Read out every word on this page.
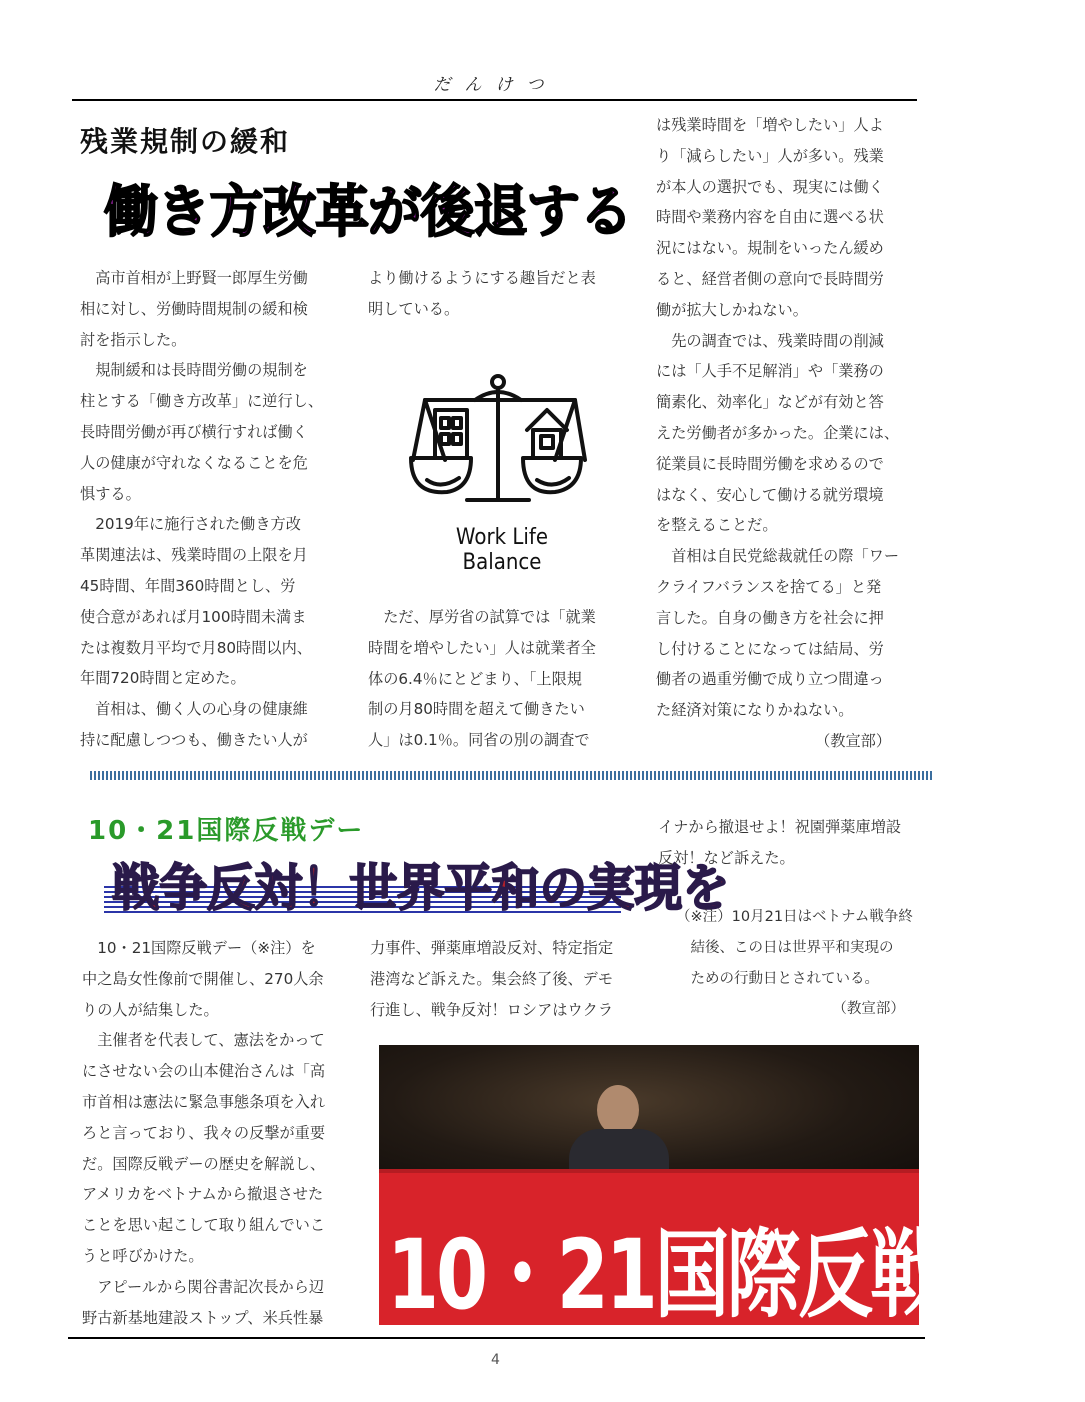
だんけつ
残業規制の緩和
働き方改革が後退する

　高市首相が上野賢一郎厚生労働

相に対し、労働時間規制の緩和検

討を指示した。

　規制緩和は長時間労働の規制を

柱とする「働き方改革」に逆行し、

長時間労働が再び横行すれば働く

人の健康が守れなくなることを危

惧する。

　2019年に施行された働き方改

革関連法は、残業時間の上限を月

45時間、年間360時間とし、労

使合意があれば月100時間未満ま

たは複数月平均で月80時間以内、

年間720時間と定めた。

　首相は、働く人の心身の健康維

持に配慮しつつも、働きたい人が

より働けるようにする趣旨だと表

明している。

Work Life Balance

　ただ、厚労省の試算では「就業

時間を増やしたい」人は就業者全

体の6.4％にとどまり、「上限規

制の月80時間を超えて働きたい

人」は0.1％。同省の別の調査で

は残業時間を「増やしたい」人よ

り「減らしたい」人が多い。残業

が本人の選択でも、現実には働く

時間や業務内容を自由に選べる状

況にはない。規制をいったん緩め

ると、経営者側の意向で長時間労

働が拡大しかねない。

　先の調査では、残業時間の削減

には「人手不足解消」や「業務の

簡素化、効率化」などが有効と答

えた労働者が多かった。企業には、

従業員に長時間労働を求めるので

はなく、安心して働ける就労環境

を整えることだ。

　首相は自民党総裁就任の際「ワー

クライフバランスを捨てる」と発

言した。自身の働き方を社会に押

し付けることになっては結局、労

働者の過重労働で成り立つ間違っ

た経済対策になりかねない。

（教宣部）

10・21国際反戦デー
戦争反対！世界平和の実現を

　10・21国際反戦デー（※注）を

中之島女性像前で開催し、270人余

りの人が結集した。

　主催者を代表して、憲法をかって

にさせない会の山本健治さんは「高

市首相は憲法に緊急事態条項を入れ

ろと言っており、我々の反撃が重要

だ。国際反戦デーの歴史を解説し、

アメリカをベトナムから撤退させた

ことを思い起こして取り組んでいこ

うと呼びかけた。

　アピールから関谷書記次長から辺

野古新基地建設ストップ、米兵性暴

力事件、弾薬庫増設反対、特定指定

港湾など訴えた。集会終了後、デモ

行進し、戦争反対！ロシアはウクラ

イナから撤退せよ！祝園弾薬庫増設

反対！など訴えた。

（※注）10月21日はベトナム戦争終

　結後、この日は世界平和実現の

　ための行動日とされている。

（教宣部）

10・21国際反戦デー
4
